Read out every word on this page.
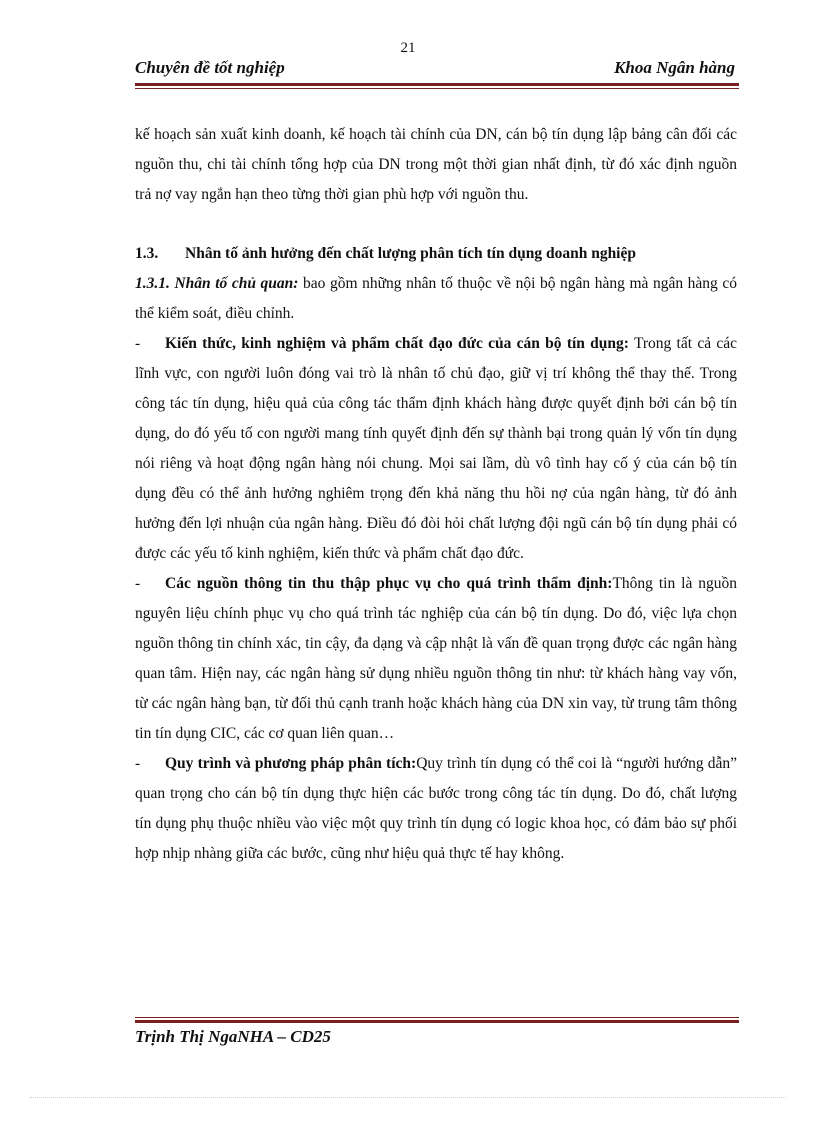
21
Chuyên đề tốt nghiệp	Khoa Ngân hàng

kế hoạch sản xuất kinh doanh, kế hoạch tài chính của DN, cán bộ tín dụng lập bảng cân đối các nguồn thu, chi tài chính tổng hợp của DN trong một thời gian nhất định, từ đó xác định nguồn trả nợ vay ngắn hạn theo từng thời gian phù hợp với nguồn thu.

1.3. Nhân tố ảnh hưởng đến chất lượng phân tích tín dụng doanh nghiệp

1.3.1. Nhân tố chủ quan: bao gồm những nhân tố thuộc về nội bộ ngân hàng mà ngân hàng có thể kiểm soát, điều chỉnh.

- Kiến thức, kinh nghiệm và phẩm chất đạo đức của cán bộ tín dụng: Trong tất cả các lĩnh vực, con người luôn đóng vai trò là nhân tố chủ đạo, giữ vị trí không thể thay thế. Trong công tác tín dụng, hiệu quả của công tác thẩm định khách hàng được quyết định bởi cán bộ tín dụng, do đó yếu tố con người mang tính quyết định đến sự thành bại trong quản lý vốn tín dụng nói riêng và hoạt động ngân hàng nói chung. Mọi sai lầm, dù vô tình hay cố ý của cán bộ tín dụng đều có thể ảnh hưởng nghiêm trọng đến khả năng thu hồi nợ của ngân hàng, từ đó ảnh hưởng đến lợi nhuận của ngân hàng. Điều đó đòi hỏi chất lượng đội ngũ cán bộ tín dụng phải có được các yếu tố kinh nghiệm, kiến thức và phẩm chất đạo đức.

- Các nguồn thông tin thu thập phục vụ cho quá trình thẩm định:Thông tin là nguồn nguyên liệu chính phục vụ cho quá trình tác nghiệp của cán bộ tín dụng. Do đó, việc lựa chọn nguồn thông tin chính xác, tin cậy, đa dạng và cập nhật là vấn đề quan trọng được các ngân hàng quan tâm. Hiện nay, các ngân hàng sử dụng nhiều nguồn thông tin như: từ khách hàng vay vốn, từ các ngân hàng bạn, từ đối thủ cạnh tranh hoặc khách hàng của DN xin vay, từ trung tâm thông tin tín dụng CIC, các cơ quan liên quan…

- Quy trình và phương pháp phân tích:Quy trình tín dụng có thể coi là “người hướng dẫn” quan trọng cho cán bộ tín dụng thực hiện các bước trong công tác tín dụng. Do đó, chất lượng tín dụng phụ thuộc nhiều vào việc một quy trình tín dụng có logic khoa học, có đảm bảo sự phối hợp nhịp nhàng giữa các bước, cũng như hiệu quả thực tế hay không.

Trịnh Thị NgaNHA – CD25
